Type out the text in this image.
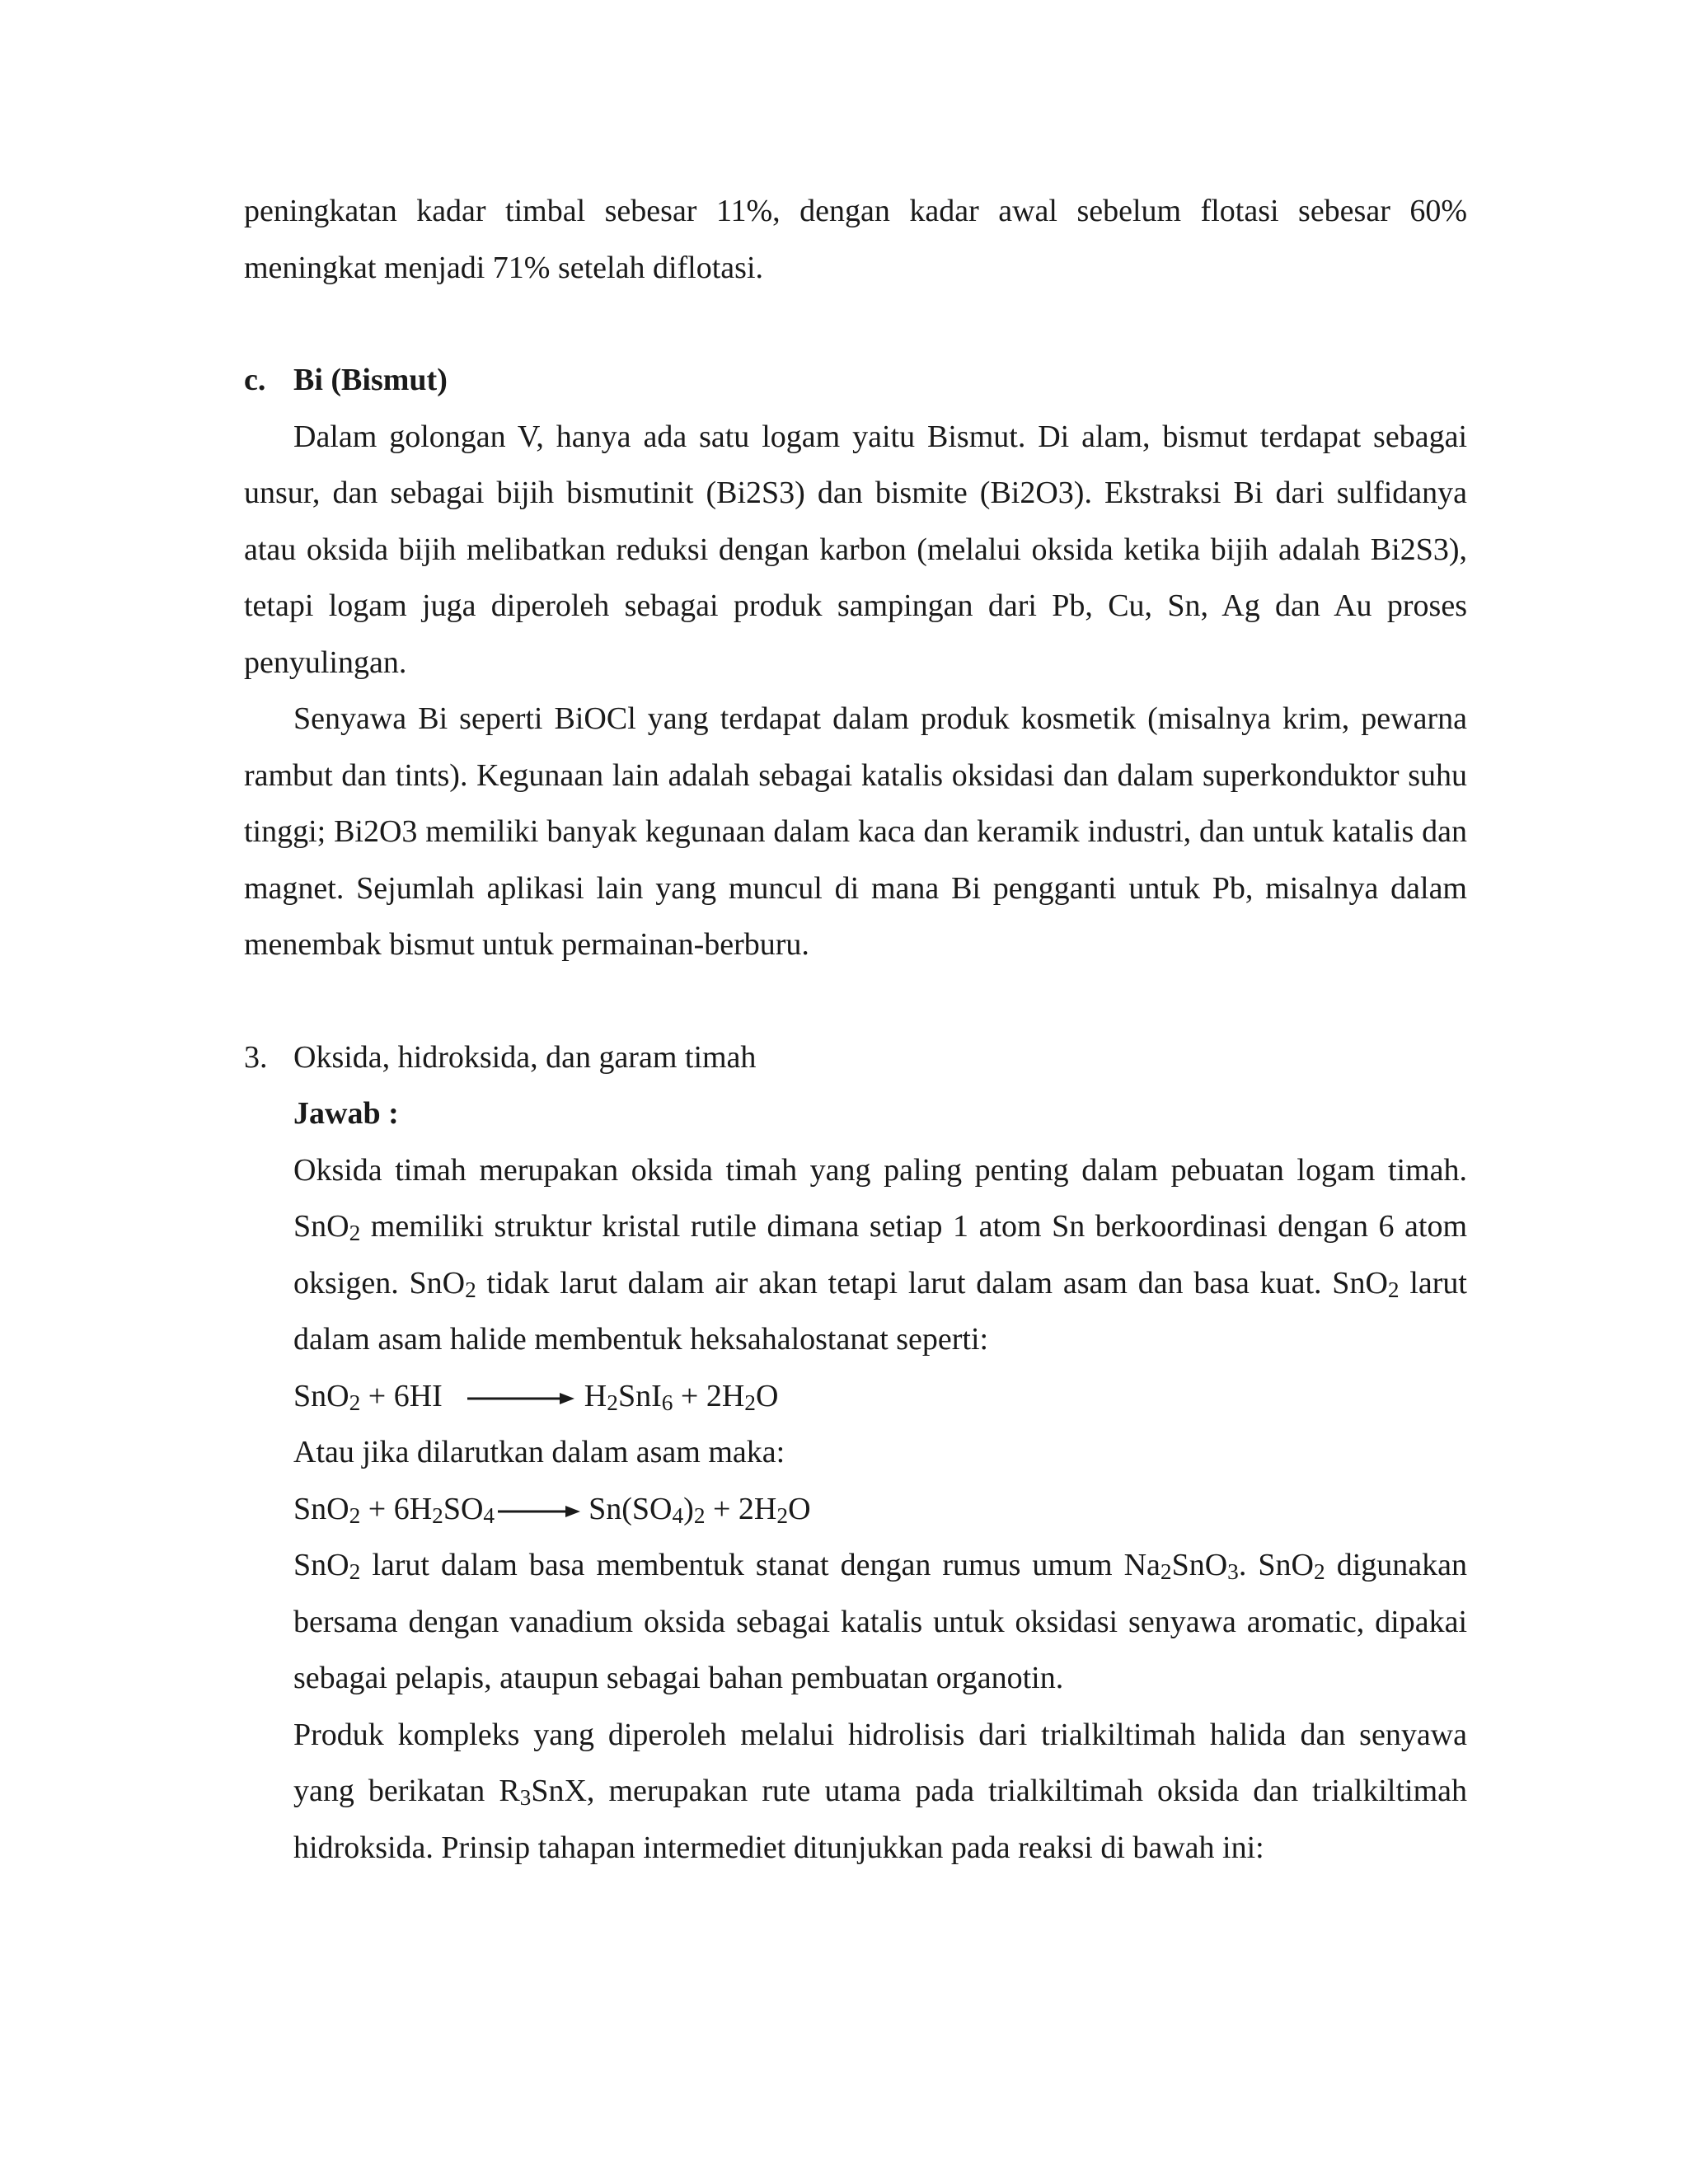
peningkatan kadar timbal sebesar 11%, dengan kadar awal sebelum flotasi sebesar 60% meningkat menjadi 71% setelah diflotasi.

c. Bi (Bismut)

Dalam golongan V, hanya ada satu logam yaitu Bismut. Di alam, bismut terdapat sebagai unsur, dan sebagai bijih bismutinit (Bi2S3) dan bismite (Bi2O3). Ekstraksi Bi dari sulfidanya atau oksida bijih melibatkan reduksi dengan karbon (melalui oksida ketika bijih adalah Bi2S3), tetapi logam juga diperoleh sebagai produk sampingan dari Pb, Cu, Sn, Ag dan Au proses penyulingan.

Senyawa Bi seperti BiOCl yang terdapat dalam produk kosmetik (misalnya krim, pewarna rambut dan tints). Kegunaan lain adalah sebagai katalis oksidasi dan dalam superkonduktor suhu tinggi; Bi2O3 memiliki banyak kegunaan dalam kaca dan keramik industri, dan untuk katalis dan magnet. Sejumlah aplikasi lain yang muncul di mana Bi pengganti untuk Pb, misalnya dalam menembak bismut untuk permainan-berburu.

3. Oksida, hidroksida, dan garam timah

Jawab :

Oksida timah merupakan oksida timah yang paling penting dalam pebuatan logam timah. SnO$_2$ memiliki struktur kristal rutile dimana setiap 1 atom Sn berkoordinasi dengan 6 atom oksigen. SnO$_2$ tidak larut dalam air akan tetapi larut dalam asam dan basa kuat. SnO$_2$ larut dalam asam halide membentuk heksahalostanat seperti:

$SnO_2 + 6HI \to H_2SnI_6 + 2H_2O$

Atau jika dilarutkan dalam asam maka:

$SnO_2 + 6H_2SO_4 \to Sn(SO_4)_2 + 2H_2O$

SnO$_2$ larut dalam basa membentuk stanat dengan rumus umum $Na_2SnO_3$. SnO$_2$ digunakan bersama dengan vanadium oksida sebagai katalis untuk oksidasi senyawa aromatic, dipakai sebagai pelapis, ataupun sebagai bahan pembuatan organotin.

Produk kompleks yang diperoleh melalui hidrolisis dari trialkiltimah halida dan senyawa yang berikatan $R_3SnX$, merupakan rute utama pada trialkiltimah oksida dan trialkiltimah hidroksida. Prinsip tahapan intermediet ditunjukkan pada reaksi di bawah ini:
